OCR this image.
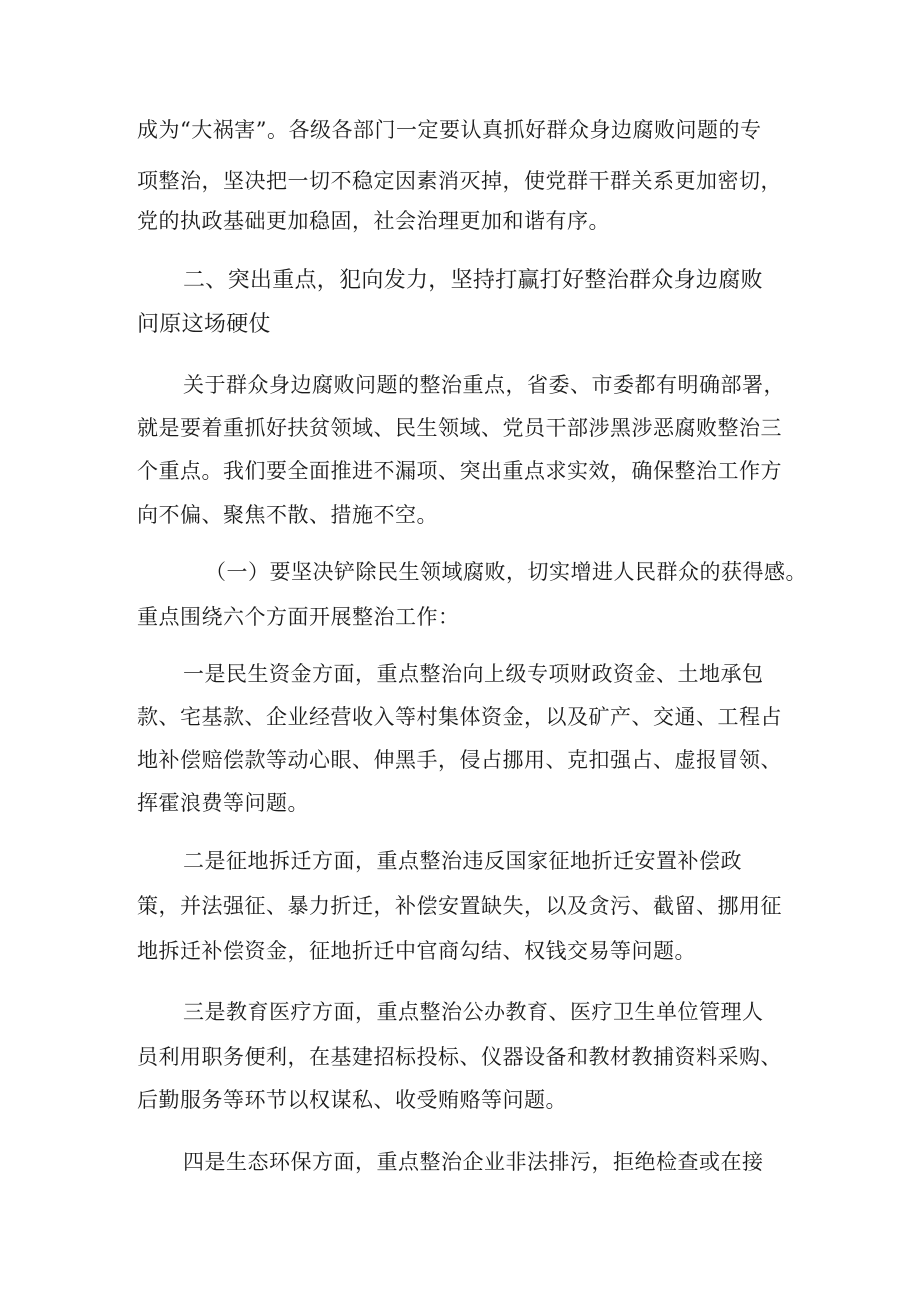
成为“大祸害”。各级各部门一定要认真抓好群众身边腐败问题的专
项整治，坚决把一切不稳定因素消灭掉，使党群干群关系更加密切，
党的执政基础更加稳固，社会治理更加和谐有序。
二、突出重点，犯向发力，坚持打赢打好整治群众身边腐败
问原这场硬仗
关于群众身边腐败问题的整治重点，省委、市委都有明确部署，
就是要着重抓好扶贫领域、民生领域、党员干部涉黑涉恶腐败整治三
个重点。我们要全面推进不漏项、突出重点求实效，确保整治工作方
向不偏、聚焦不散、措施不空。
（一）要坚决铲除民生领域腐败，切实增进人民群众的获得感。
重点围绕六个方面开展整治工作：
一是民生资金方面，重点整治向上级专项财政资金、土地承包
款、宅基款、企业经营收入等村集体资金，以及矿产、交通、工程占
地补偿赔偿款等动心眼、伸黑手，侵占挪用、克扣强占、虚报冒领、
挥霍浪费等问题。
二是征地拆迁方面，重点整治违反国家征地折迁安置补偿政
策，并法强征、暴力折迁，补偿安置缺失，以及贪污、截留、挪用征
地拆迁补偿资金，征地折迁中官商勾结、权钱交易等问题。
三是教育医疗方面，重点整治公办教育、医疗卫生单位管理人
员利用职务便利，在基建招标投标、仪器设备和教材教捕资料采购、
后勤服务等环节以权谋私、收受贿赂等问题。
四是生态环保方面，重点整治企业非法排污，拒绝检查或在接
